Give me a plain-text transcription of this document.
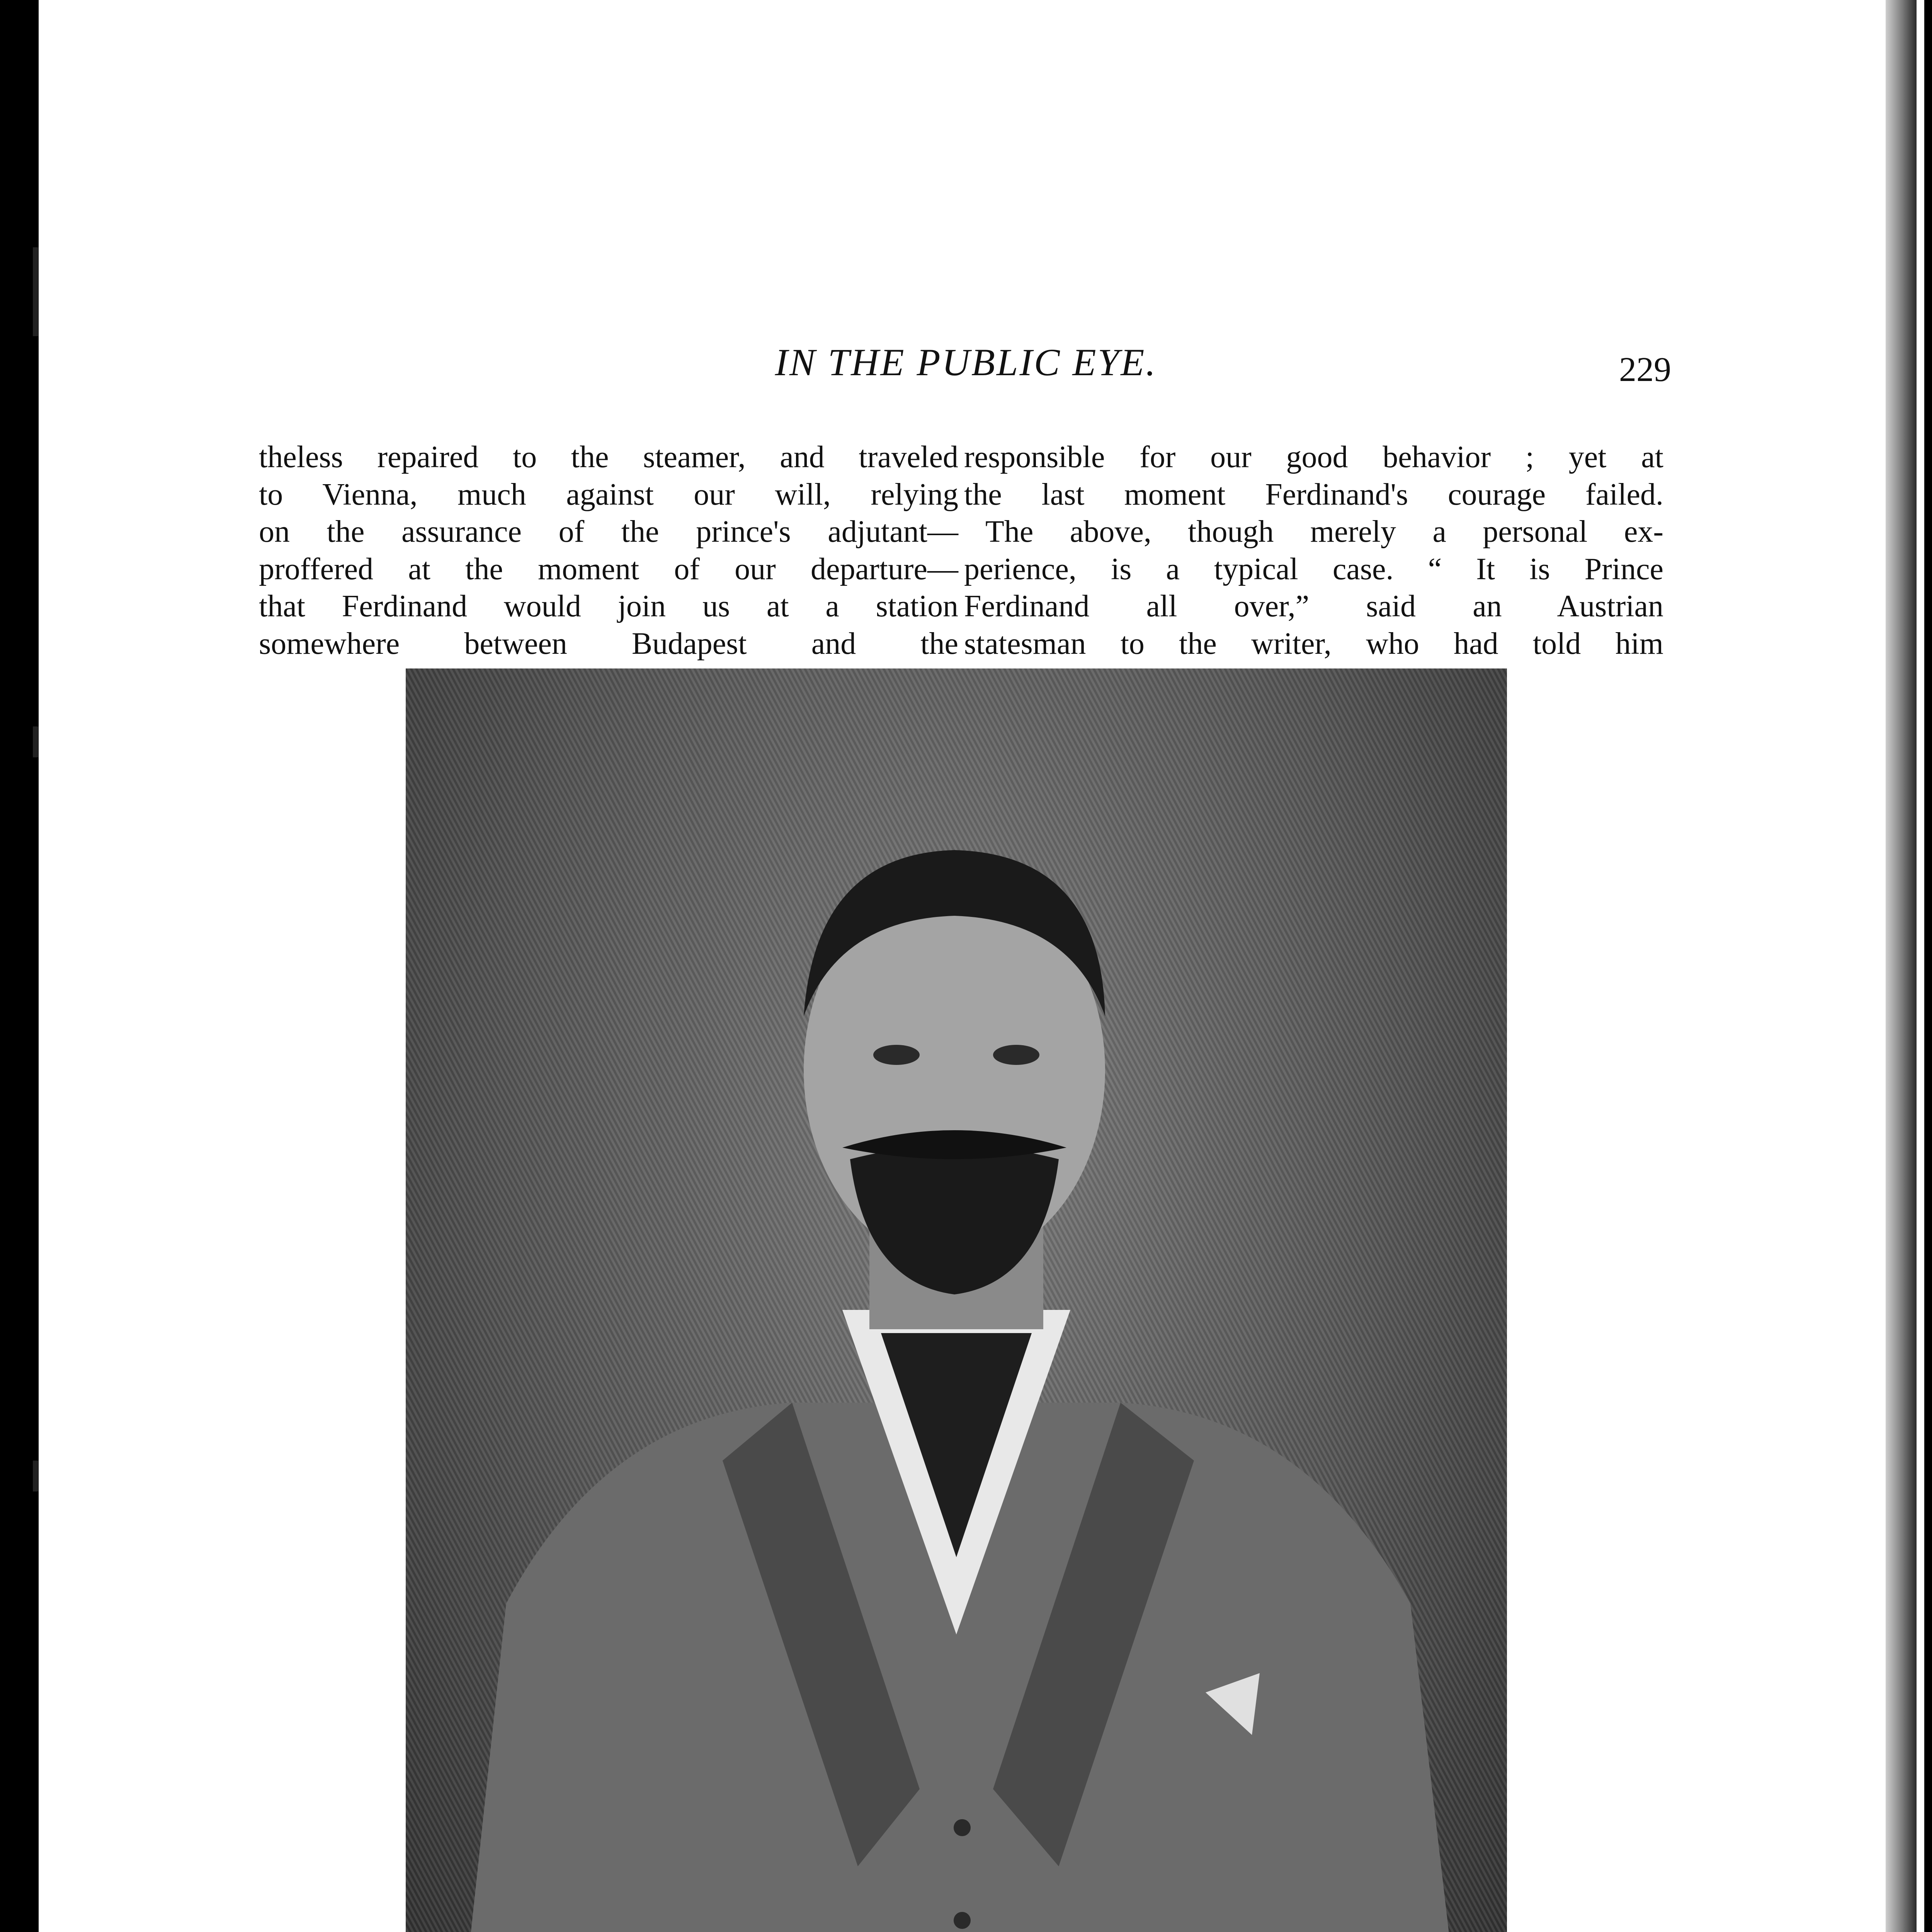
IN THE PUBLIC EYE.	229

theless repaired to the steamer, and traveled

to Vienna, much against our will, relying

on the assurance of the prince's adjutant—

proffered at the moment of our departure—

that Ferdinand would join us at a station

somewhere between Budapest and the

responsible for our good behavior ; yet at

the last moment Ferdinand's courage failed.

The above, though merely a personal ex-

perience, is a typical case. “ It is Prince

Ferdinand all over,” said an Austrian

statesman to the writer, who had told him
